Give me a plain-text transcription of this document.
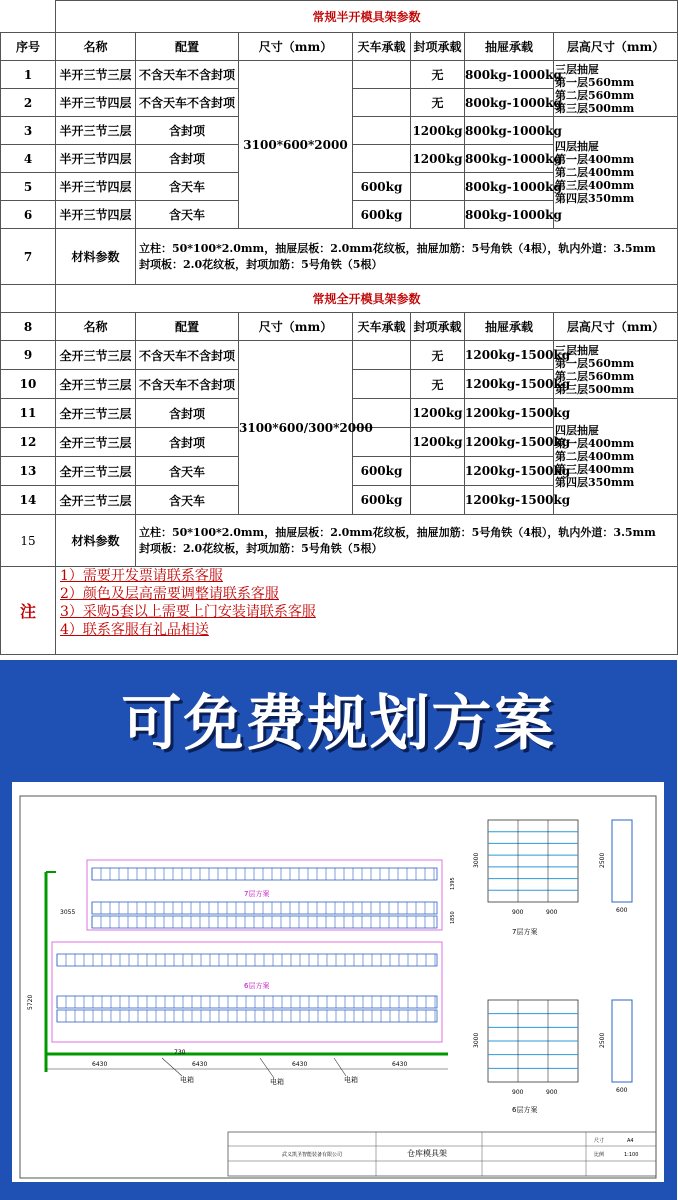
	常规半开模具架参数						
序号	名称	配置	尺寸（mm）	天车承载	封项承载	抽屉承载	层高尺寸（mm）
1	半开三节三层	不含天车不含封项	3100*600*2000		无	800kg-1000kg	三层抽屉
第一层560mm
第二层560mm
第三层500mm

2	半开三节四层	不含天车不含封项			无	800kg-1000kg	
3	半开三节三层	含封项			1200kg	800kg-1000kg	四层抽屉
第一层400mm
第二层400mm
第三层400mm
第四层350mm

4	半开三节四层	含封项			1200kg	800kg-1000kg	
5	半开三节四层	含天车		600kg		800kg-1000kg	
6	半开三节四层	含天车		600kg		800kg-1000kg	
7	材料参数	立柱：50*100*2.0mm，抽屉层板：2.0mm花纹板，抽屉加筋：5号角铁（4根），轨内外道：3.5mm
封项板：2.0花纹板，封项加筋：5号角铁（5根）					

	常规全开模具架参数						
8	名称	配置	尺寸（mm）	天车承载	封项承载	抽屉承载	层高尺寸（mm）
9	全开三节三层	不含天车不含封项	3100*600/300*2000		无	1200kg-1500kg	三层抽屉
第一层560mm
第二层560mm
第三层500mm

10	全开三节三层	不含天车不含封项			无	1200kg-1500kg	
11	全开三节三层	含封项			1200kg	1200kg-1500kg	四层抽屉
第一层400mm
第二层400mm
第三层400mm
第四层350mm

12	全开三节三层	含封项			1200kg	1200kg-1500kg	
13	全开三节三层	含天车		600kg		1200kg-1500kg	
14	全开三节三层	含天车		600kg		1200kg-1500kg	
15	材料参数	立柱：50*100*2.0mm，抽屉层板：2.0mm花纹板，抽屉加筋：5号角铁（4根），轨内外道：3.5mm
封项板：2.0花纹板，封项加筋：5号角铁（5根）					

注	1）需要开发票请联系客服
2）颜色及层高需要调整请联系客服
3）采购5套以上需要上门安装请联系客服
4）联系客服有礼品相送						
可免费规划方案
7层方案
6层方案
6430	6430	6430	6430
3055
5720
730
1850
1395
电箱	电箱	电箱
900	900	600
3000	2500
7层方案
900	900	600
3000	2500
6层方案
仓库模具架
武义凯圣智能装备有限公司
尺寸	A4
比例	1:100
